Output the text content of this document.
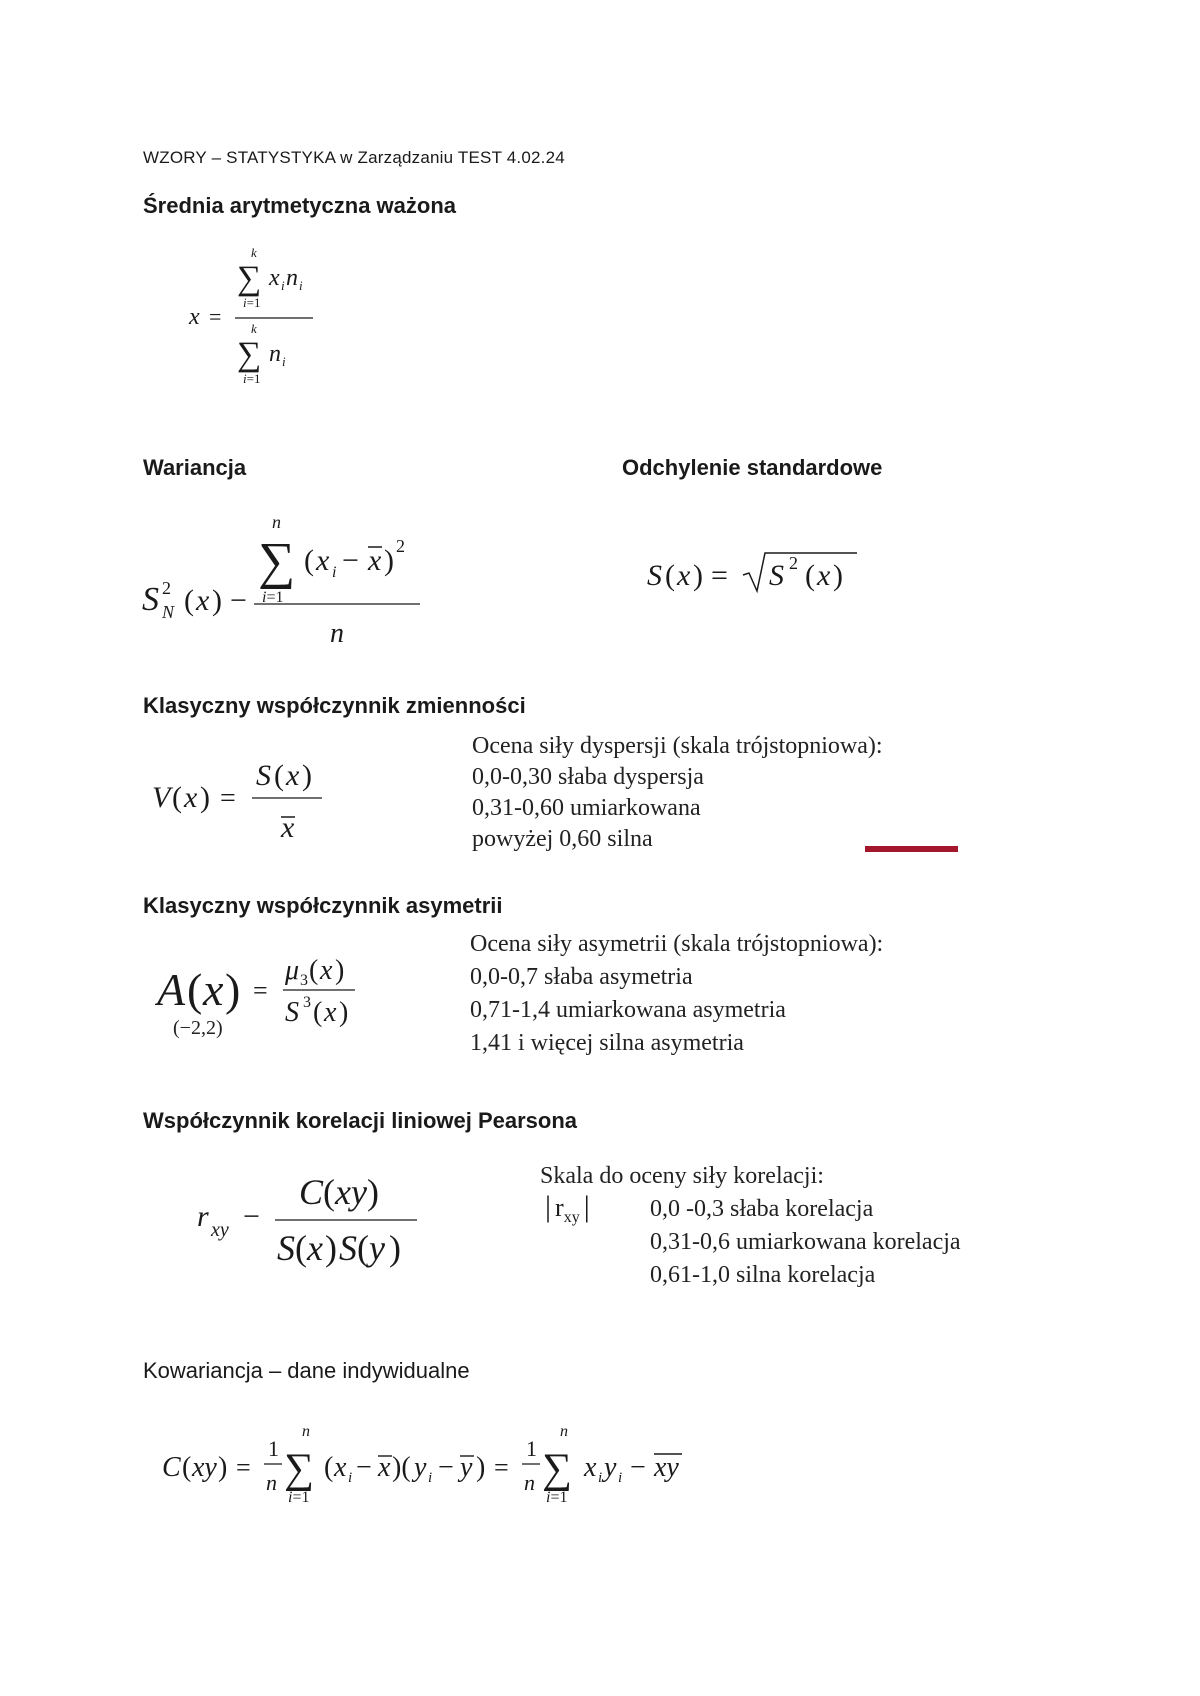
WZORY – STATYSTYKA w Zarządzaniu TEST 4.02.24
Średnia arytmetyczna ważona
k
∑ x i n i
i=1
x = k
∑ n i
i=1
Wariancja
n
∑ ( x i − x ) 2
i=1
S 2
N ( x ) −
n
Odchylenie standardowe
S ( x ) = S 2 ( x )
Klasyczny współczynnik zmienności
V ( x ) =
S ( x )
x
Ocena siły dyspersji (skala trójstopniowa):
0,0-0,30 słaba dyspersja
0,31-0,60 umiarkowana
powyżej 0,60 silna
Klasyczny współczynnik asymetrii
A ( x ) =
μ 3 ( x )
S 3 ( x )
(−2,2)
Ocena siły asymetrii (skala trójstopniowa):
0,0-0,7 słaba asymetria
0,71-1,4 umiarkowana asymetria
1,41 i więcej silna asymetria
Współczynnik korelacji liniowej Pearsona
r xy −
C ( xy )
S ( x ) S ( y )
Skala do oceny siły korelacji:
| $r_{xy}$ |	0,0 -0,3 słaba korelacja
0,31-0,6 umiarkowana korelacja
0,61-1,0 silna korelacja
Kowariancja – dane indywidualne
C ( xy ) =
1
n
n
∑
i=1
( x i − x )( y i − y ) =
1
n
n
∑
i=1
x i y i − xy
